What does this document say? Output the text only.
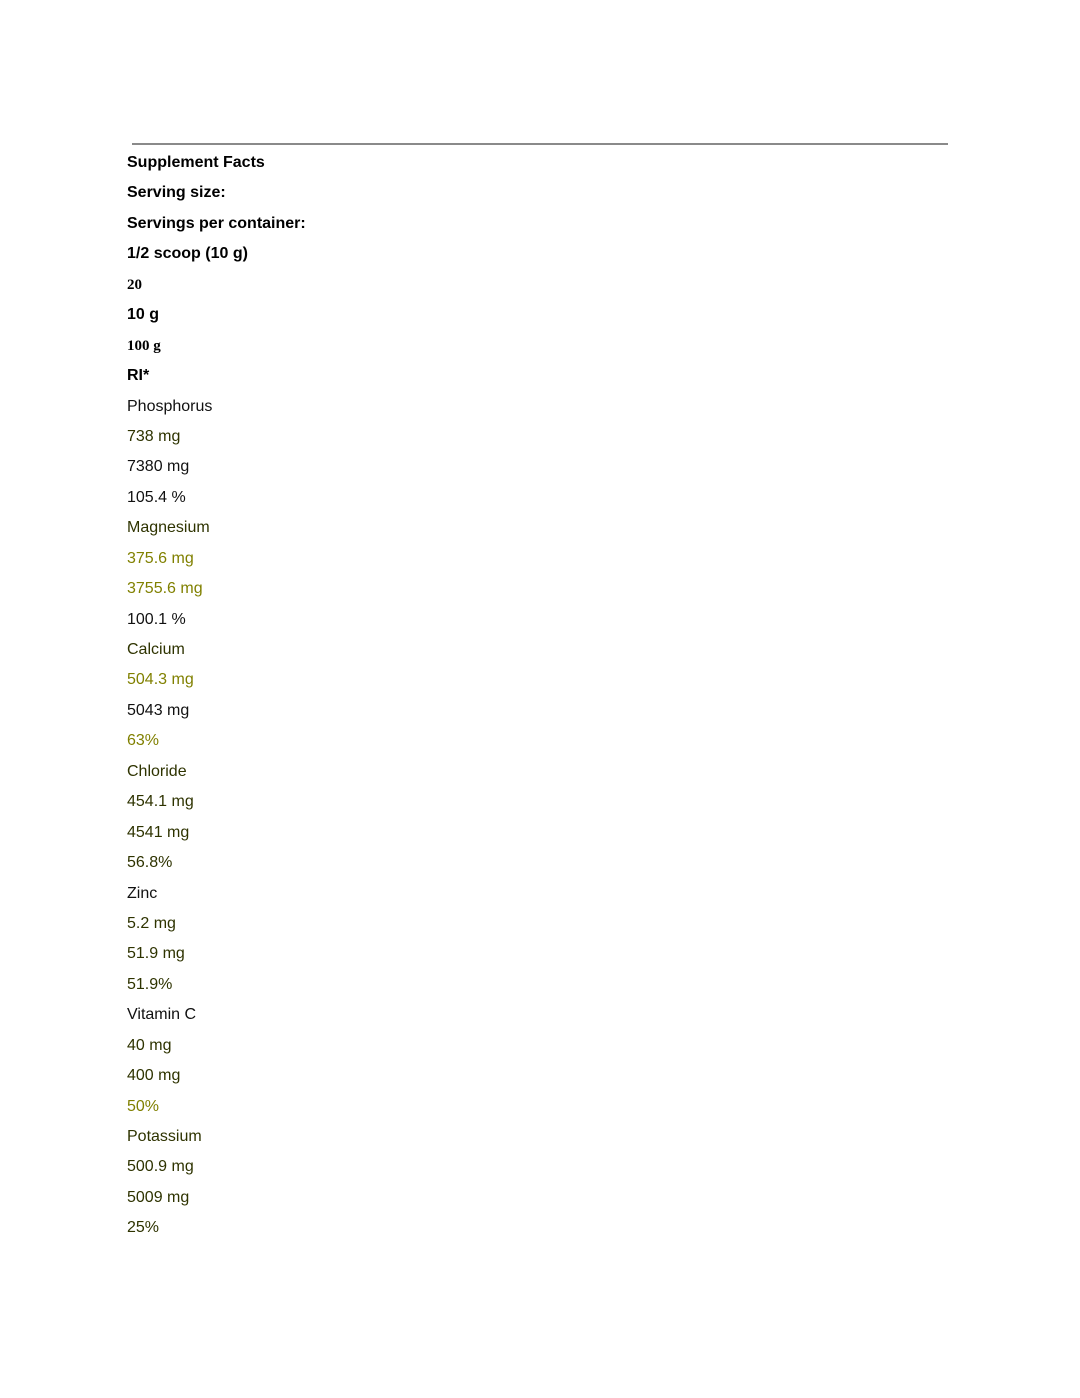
Supplement Facts
Serving size:
Servings per container:
1/2 scoop (10 g)
20
10 g
100 g
RI*
Phosphorus
738 mg
7380 mg
105.4 %
Magnesium
375.6 mg
3755.6 mg
100.1 %
Calcium
504.3 mg
5043 mg
63%
Chloride
454.1 mg
4541 mg
56.8%
Zinc
5.2 mg
51.9 mg
51.9%
Vitamin C
40 mg
400 mg
50%
Potassium
500.9 mg
5009 mg
25%
